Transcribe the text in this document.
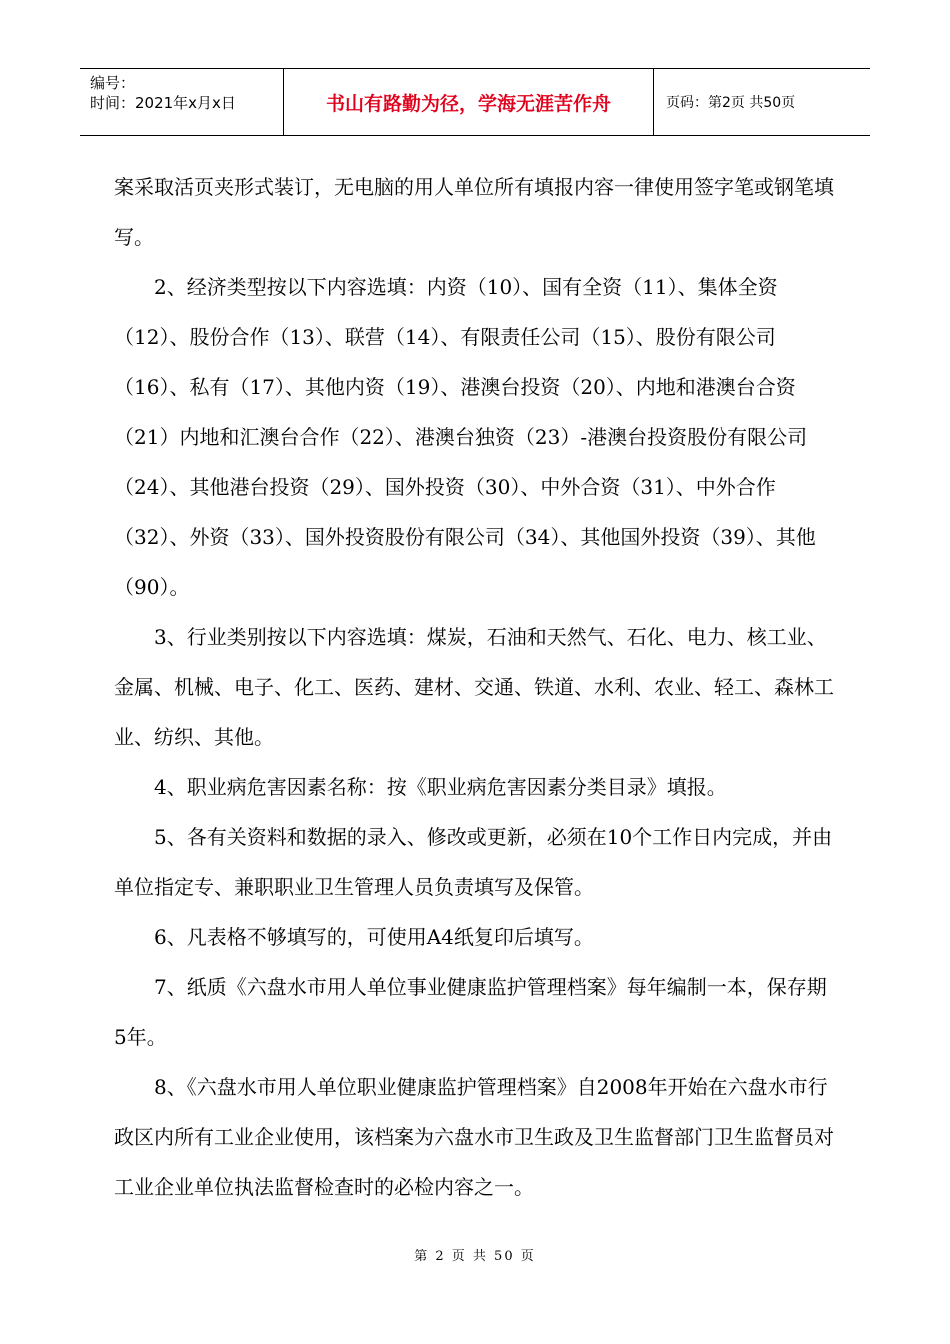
编号：
时间：2021年x月x日	书山有路勤为径，学海无涯苦作舟	页码：第2页 共50页

案采取活页夹形式装订，无电脑的用人单位所有填报内容一律使用签字笔或钢笔填写。

2、经济类型按以下内容选填：内资（10）、国有全资（11）、集体全资（12）、股份合作（13）、联营（14）、有限责任公司（15）、股份有限公司（16）、私有（17）、其他内资（19）、港澳台投资（20）、内地和港澳台合资（21）内地和汇澳台合作（22）、港澳台独资（23）-港澳台投资股份有限公司（24）、其他港台投资（29）、国外投资（30）、中外合资（31）、中外合作（32）、外资（33）、国外投资股份有限公司（34）、其他国外投资（39）、其他（90）。

3、行业类别按以下内容选填：煤炭，石油和天然气、石化、电力、核工业、金属、机械、电子、化工、医药、建材、交通、铁道、水利、农业、轻工、森林工业、纺织、其他。

4、职业病危害因素名称：按《职业病危害因素分类目录》填报。

5、各有关资料和数据的录入、修改或更新，必须在10个工作日内完成，并由单位指定专、兼职职业卫生管理人员负责填写及保管。

6、凡表格不够填写的，可使用A4纸复印后填写。

7、纸质《六盘水市用人单位事业健康监护管理档案》每年编制一本，保存期5年。

8、《六盘水市用人单位职业健康监护管理档案》自2008年开始在六盘水市行政区内所有工业企业使用，该档案为六盘水市卫生政及卫生监督部门卫生监督员对工业企业单位执法监督检查时的必检内容之一。

第 2 页 共 50 页
